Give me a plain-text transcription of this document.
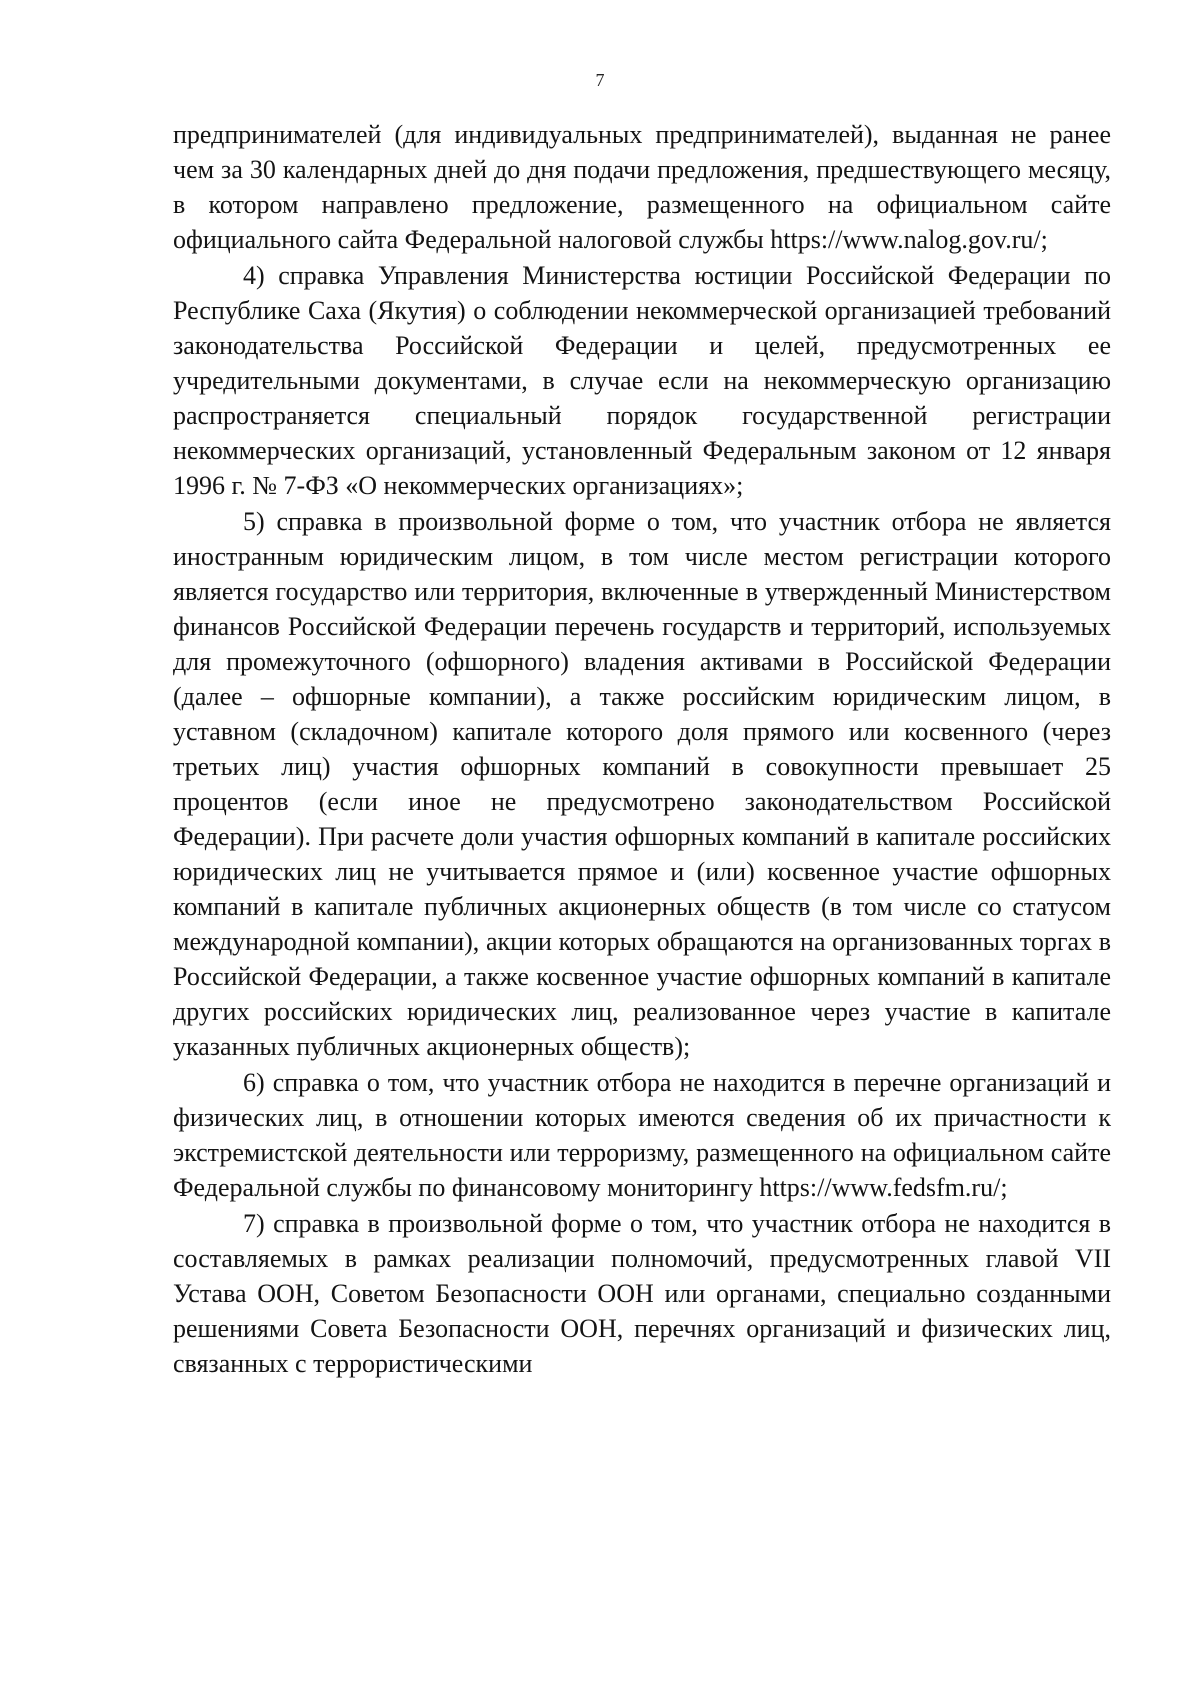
7

предпринимателей (для индивидуальных предпринимателей), выданная не ранее чем за 30 календарных дней до дня подачи предложения, предшествующего месяцу, в котором направлено предложение, размещенного на официальном сайте официального сайта Федеральной налоговой службы https://www.nalog.gov.ru/;

4) справка Управления Министерства юстиции Российской Федерации по Республике Саха (Якутия) о соблюдении некоммерческой организацией требований законодательства Российской Федерации и целей, предусмотренных ее учредительными документами, в случае если на некоммерческую организацию распространяется специальный порядок государственной регистрации некоммерческих организаций, установленный Федеральным законом от 12 января 1996 г. № 7-ФЗ «О некоммерческих организациях»;

5) справка в произвольной форме о том, что участник отбора не является иностранным юридическим лицом, в том числе местом регистрации которого является государство или территория, включенные в утвержденный Министерством финансов Российской Федерации перечень государств и территорий, используемых для промежуточного (офшорного) владения активами в Российской Федерации (далее – офшорные компании), а также российским юридическим лицом, в уставном (складочном) капитале которого доля прямого или косвенного (через третьих лиц) участия офшорных компаний в совокупности превышает 25 процентов (если иное не предусмотрено законодательством Российской Федерации). При расчете доли участия офшорных компаний в капитале российских юридических лиц не учитывается прямое и (или) косвенное участие офшорных компаний в капитале публичных акционерных обществ (в том числе со статусом международной компании), акции которых обращаются на организованных торгах в Российской Федерации, а также косвенное участие офшорных компаний в капитале других российских юридических лиц, реализованное через участие в капитале указанных публичных акционерных обществ);

6) справка о том, что участник отбора не находится в перечне организаций и физических лиц, в отношении которых имеются сведения об их причастности к экстремистской деятельности или терроризму, размещенного на официальном сайте Федеральной службы по финансовому мониторингу https://www.fedsfm.ru/;

7) справка в произвольной форме о том, что участник отбора не находится в составляемых в рамках реализации полномочий, предусмотренных главой VII Устава ООН, Советом Безопасности ООН или органами, специально созданными решениями Совета Безопасности ООН, перечнях организаций и физических лиц, связанных с террористическими
